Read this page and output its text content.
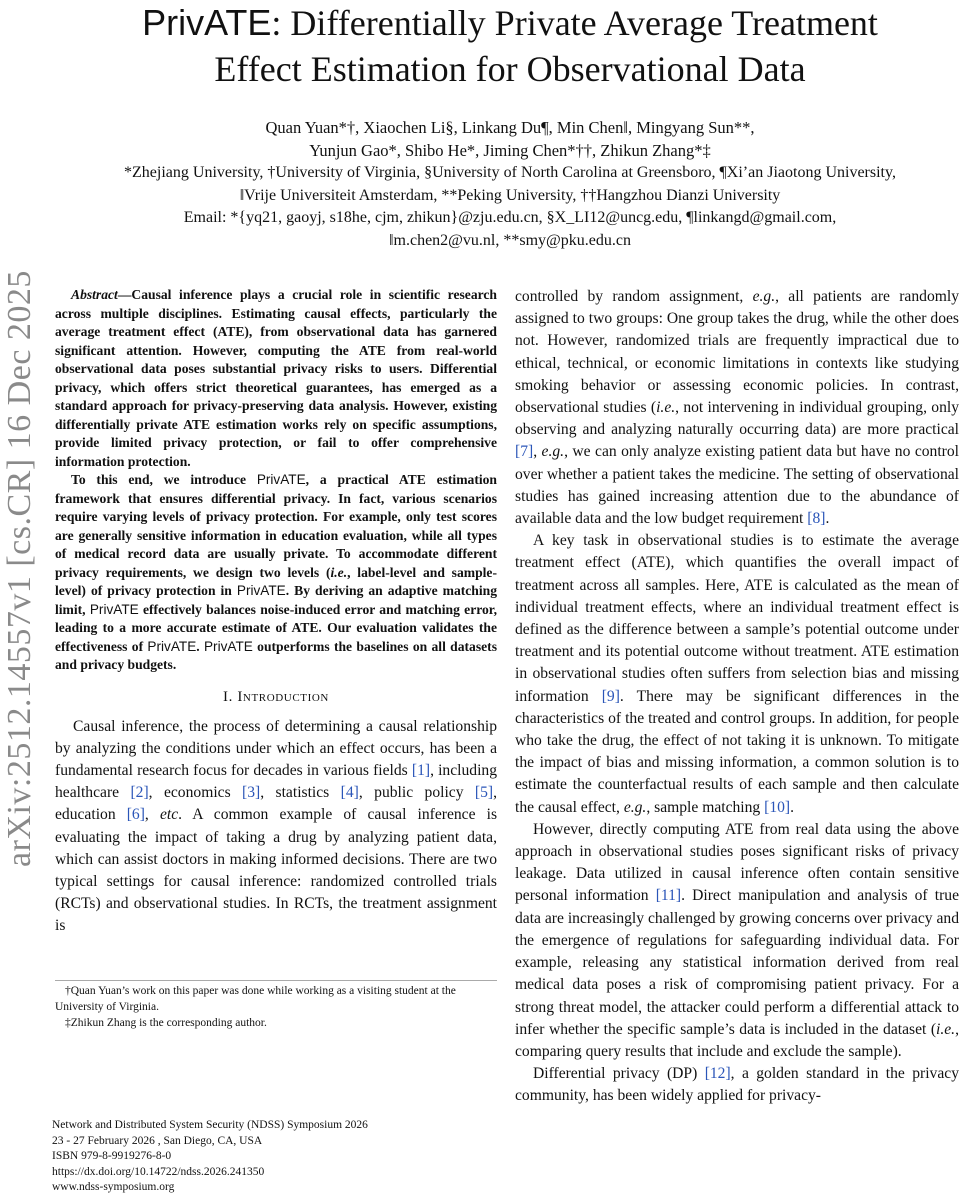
arXiv:2512.14557v1 [cs.CR] 16 Dec 2025
PrivATE: Differentially Private Average Treatment
Effect Estimation for Observational Data
Quan Yuan*†, Xiaochen Li§, Linkang Du¶, Min Chen‖, Mingyang Sun**,
Yunjun Gao*, Shibo He*, Jiming Chen*††, Zhikun Zhang*‡
*Zhejiang University, †University of Virginia, §University of North Carolina at Greensboro, ¶Xi’an Jiaotong University,
‖Vrije Universiteit Amsterdam, **Peking University, ††Hangzhou Dianzi University
Email: *{yq21, gaoyj, s18he, cjm, zhikun}@zju.edu.cn, §X_LI12@uncg.edu, ¶linkangd@gmail.com,
‖m.chen2@vu.nl, **smy@pku.edu.cn

Abstract—Causal inference plays a crucial role in scientific research across multiple disciplines. Estimating causal effects, particularly the average treatment effect (ATE), from observational data has garnered significant attention. However, computing the ATE from real-world observational data poses substantial privacy risks to users. Differential privacy, which offers strict theoretical guarantees, has emerged as a standard approach for privacy-preserving data analysis. However, existing differentially private ATE estimation works rely on specific assumptions, provide limited privacy protection, or fail to offer comprehensive information protection.

To this end, we introduce PrivATE, a practical ATE estimation framework that ensures differential privacy. In fact, various scenarios require varying levels of privacy protection. For example, only test scores are generally sensitive information in education evaluation, while all types of medical record data are usually private. To accommodate different privacy requirements, we design two levels (i.e., label-level and sample-level) of privacy protection in PrivATE. By deriving an adaptive matching limit, PrivATE effectively balances noise-induced error and matching error, leading to a more accurate estimate of ATE. Our evaluation validates the effectiveness of PrivATE. PrivATE outperforms the baselines on all datasets and privacy budgets.

I. Introduction

Causal inference, the process of determining a causal relationship by analyzing the conditions under which an effect occurs, has been a fundamental research focus for decades in various fields [1], including healthcare [2], economics [3], statistics [4], public policy [5], education [6], etc. A common example of causal inference is evaluating the impact of taking a drug by analyzing patient data, which can assist doctors in making informed decisions. There are two typical settings for causal inference: randomized controlled trials (RCTs) and observational studies. In RCTs, the treatment assignment is

†Quan Yuan’s work on this paper was done while working as a visiting student at the University of Virginia.

‡Zhikun Zhang is the corresponding author.

Network and Distributed System Security (NDSS) Symposium 2026
23 - 27 February 2026 , San Diego, CA, USA
ISBN 979-8-9919276-8-0
https://dx.doi.org/10.14722/ndss.2026.241350
www.ndss-symposium.org

controlled by random assignment, e.g., all patients are randomly assigned to two groups: One group takes the drug, while the other does not. However, randomized trials are frequently impractical due to ethical, technical, or economic limitations in contexts like studying smoking behavior or assessing economic policies. In contrast, observational studies (i.e., not intervening in individual grouping, only observing and analyzing naturally occurring data) are more practical [7], e.g., we can only analyze existing patient data but have no control over whether a patient takes the medicine. The setting of observational studies has gained increasing attention due to the abundance of available data and the low budget requirement [8].

A key task in observational studies is to estimate the average treatment effect (ATE), which quantifies the overall impact of treatment across all samples. Here, ATE is calculated as the mean of individual treatment effects, where an individual treatment effect is defined as the difference between a sample’s potential outcome under treatment and its potential outcome without treatment. ATE estimation in observational studies often suffers from selection bias and missing information [9]. There may be significant differences in the characteristics of the treated and control groups. In addition, for people who take the drug, the effect of not taking it is unknown. To mitigate the impact of bias and missing information, a common solution is to estimate the counterfactual results of each sample and then calculate the causal effect, e.g., sample matching [10].

However, directly computing ATE from real data using the above approach in observational studies poses significant risks of privacy leakage. Data utilized in causal inference often contain sensitive personal information [11]. Direct manipulation and analysis of true data are increasingly challenged by growing concerns over privacy and the emergence of regulations for safeguarding individual data. For example, releasing any statistical information derived from real medical data poses a risk of compromising patient privacy. For a strong threat model, the attacker could perform a differential attack to infer whether the specific sample’s data is included in the dataset (i.e., comparing query results that include and exclude the sample).

Differential privacy (DP) [12], a golden standard in the privacy community, has been widely applied for privacy-
